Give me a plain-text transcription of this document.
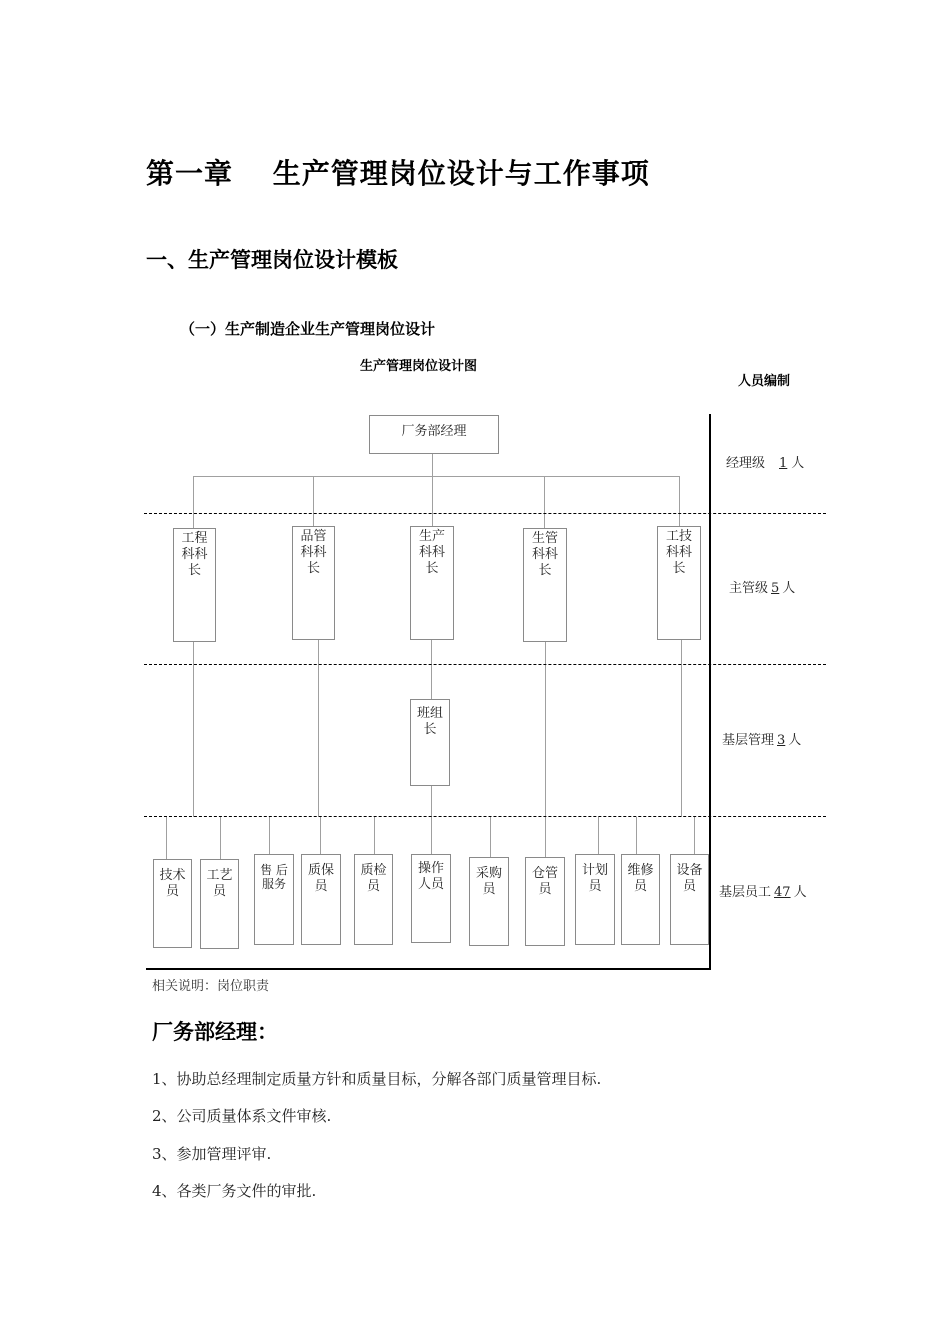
第一章　 生产管理岗位设计与工作事项
一、生产管理岗位设计模板
（一）生产制造企业生产管理岗位设计
生产管理岗位设计图
人员编制
厂务部经理
工程科科长
品管科科长
生产科科长
生管科科长
工技科科长
班组长
技术员
工艺员
售 后服务
质保员
质检员
操作人员
采购员
仓管员
计划员
维修员
设备员
经理级 1 人
主管级 5 人
基层管理 3 人
基层员工 47 人
相关说明：岗位职责
厂务部经理：
1、协助总经理制定质量方针和质量目标，分解各部门质量管理目标.
2、公司质量体系文件审核.
3、参加管理评审.
4、各类厂务文件的审批.
